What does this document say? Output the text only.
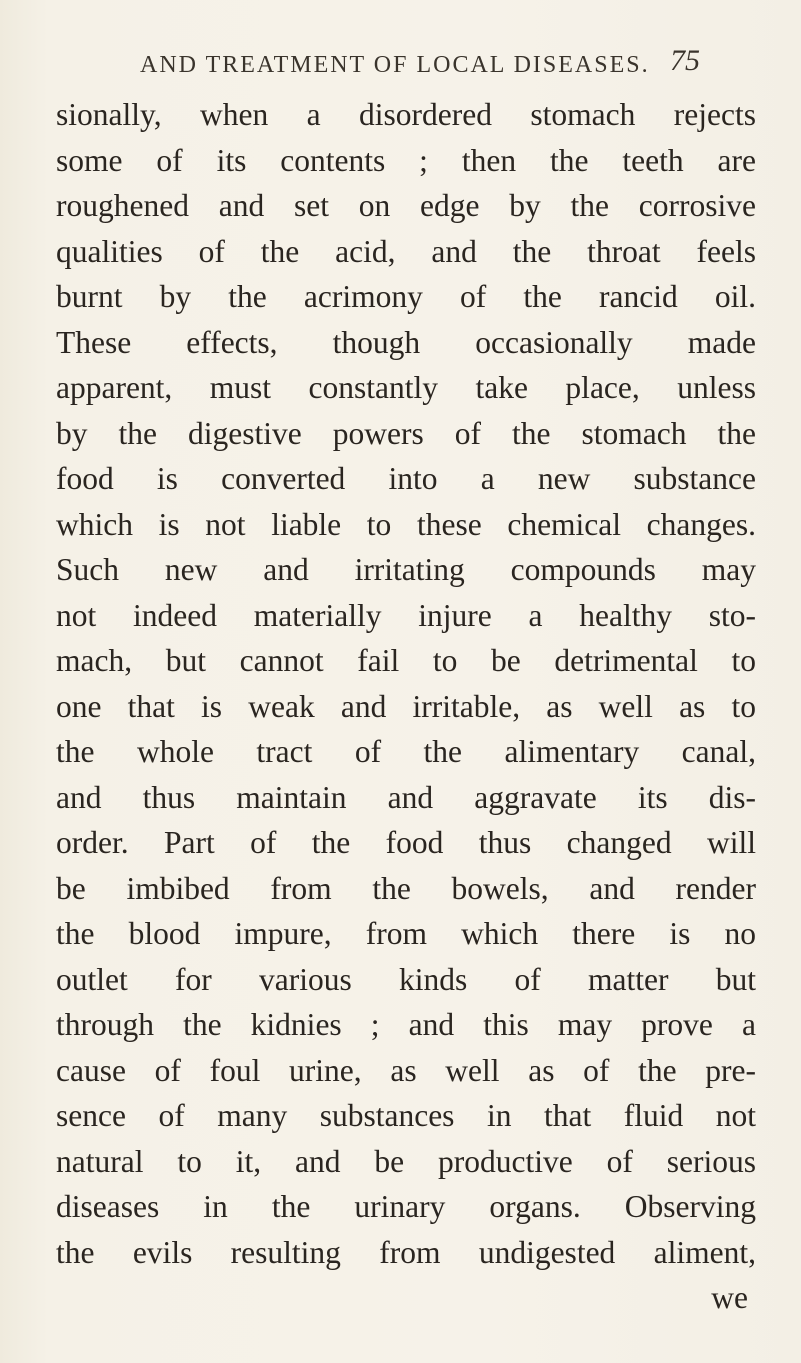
AND TREATMENT OF LOCAL DISEASES. 75
sionally, when a disordered stomach rejects
some of its contents ; then the teeth are
roughened and set on edge by the corrosive
qualities of the acid, and the throat feels
burnt by the acrimony of the rancid oil.
These effects, though occasionally made
apparent, must constantly take place, unless
by the digestive powers of the stomach the
food is converted into a new substance
which is not liable to these chemical changes.
Such new and irritating compounds may
not indeed materially injure a healthy sto-
mach, but cannot fail to be detrimental to
one that is weak and irritable, as well as to
the whole tract of the alimentary canal,
and thus maintain and aggravate its dis-
order. Part of the food thus changed will
be imbibed from the bowels, and render
the blood impure, from which there is no
outlet for various kinds of matter but
through the kidnies ; and this may prove a
cause of foul urine, as well as of the pre-
sence of many substances in that fluid not
natural to it, and be productive of serious
diseases in the urinary organs. Observing
the evils resulting from undigested aliment,
we
